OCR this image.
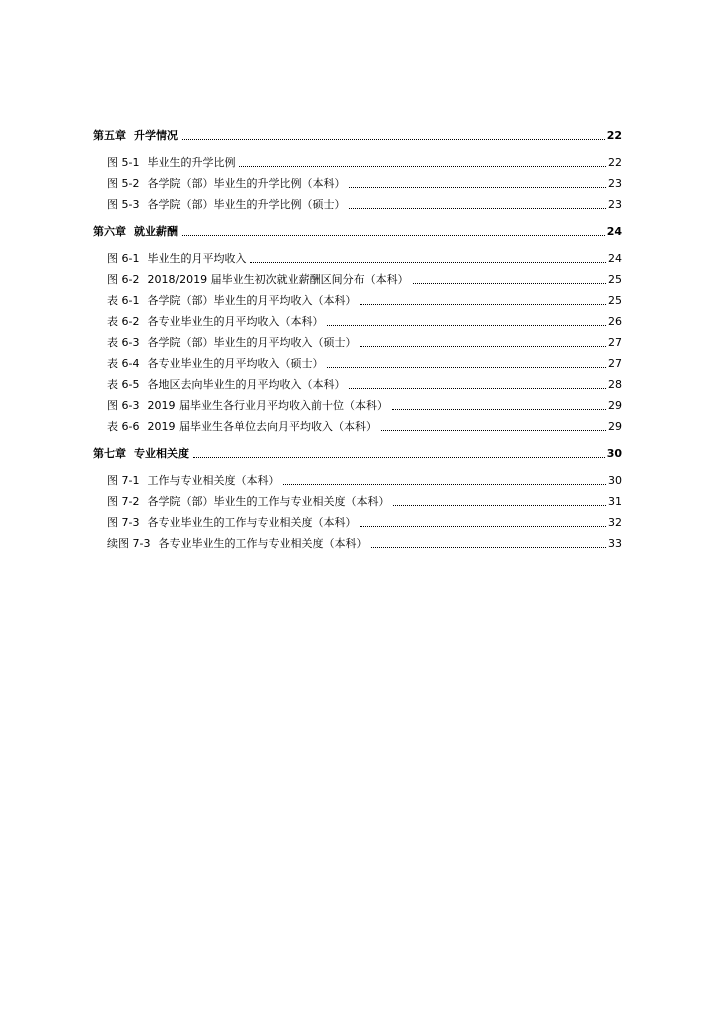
第五章 升学情况	22
图 5-1 毕业生的升学比例	22
图 5-2 各学院（部）毕业生的升学比例（本科）	23
图 5-3 各学院（部）毕业生的升学比例（硕士）	23
第六章 就业薪酬	24
图 6-1 毕业生的月平均收入	24
图 6-2 2018/2019 届毕业生初次就业薪酬区间分布（本科）	25
表 6-1 各学院（部）毕业生的月平均收入（本科）	25
表 6-2 各专业毕业生的月平均收入（本科）	26
表 6-3 各学院（部）毕业生的月平均收入（硕士）	27
表 6-4 各专业毕业生的月平均收入（硕士）	27
表 6-5 各地区去向毕业生的月平均收入（本科）	28
图 6-3 2019 届毕业生各行业月平均收入前十位（本科）	29
表 6-6 2019 届毕业生各单位去向月平均收入（本科）	29
第七章 专业相关度	30
图 7-1 工作与专业相关度（本科）	30
图 7-2 各学院（部）毕业生的工作与专业相关度（本科）	31
图 7-3 各专业毕业生的工作与专业相关度（本科）	32
续图 7-3 各专业毕业生的工作与专业相关度（本科）	33
